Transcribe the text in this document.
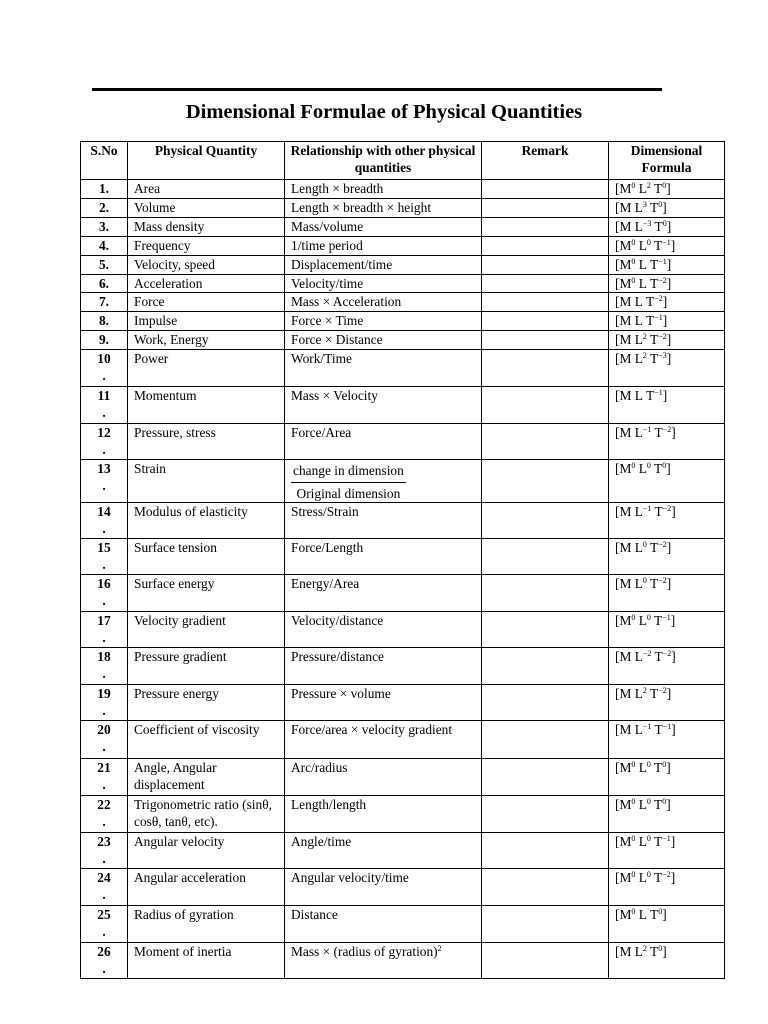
Dimensional Formulae of Physical Quantities
S.No	Physical Quantity	Relationship with other physical quantities	Remark	Dimensional Formula

1.	Area	Length × breadth		[$M^0$ $L^2$ $T^0$]

2.	Volume	Length × breadth × height		[M $L^3$ $T^0$]

3.	Mass density	Mass/volume		[M $L^{-3}$ $T^0$]

4.	Frequency	1/time period		[$M^0$ $L^0$ $T^{-1}$]

5.	Velocity, speed	Displacement/time		[$M^0$ L $T^{-1}$]

6.	Acceleration	Velocity/time		[$M^0$ L $T^{-2}$]

7.	Force	Mass × Acceleration		[M L $T^{-2}$]

8.	Impulse	Force × Time		[M L $T^{-1}$]

9.	Work, Energy	Force × Distance		[M $L^2$ $T^{-2}$]

10
.	Power	Work/Time		[M $L^2$ $T^{-3}$]

11
.	Momentum	Mass × Velocity		[M L $T^{-1}$]

12
.	Pressure, stress	Force/Area		[M $L^{-1}$ $T^{-2}$]

13
.	Strain	$\frac{\text{change in dimension}}{\text{Original dimension}}$		[$M^0$ $L^0$ $T^0$]

14
.	Modulus of elasticity	Stress/Strain		[M $L^{-1}$ $T^{-2}$]

15
.	Surface tension	Force/Length		[M $L^0$ $T^{-2}$]

16
.	Surface energy	Energy/Area		[M $L^0$ $T^{-2}$]

17
.	Velocity gradient	Velocity/distance		[$M^0$ $L^0$ $T^{-1}$]

18
.	Pressure gradient	Pressure/distance		[M $L^{-2}$ $T^{-2}$]

19
.	Pressure energy	Pressure × volume		[M $L^2$ $T^{-2}$]

20
.	Coefficient of viscosity	Force/area × velocity gradient		[M $L^{-1}$ $T^{-1}$]

21
.	Angle, Angular displacement	Arc/radius		[$M^0$ $L^0$ $T^0$]

22
.	Trigonometric ratio (sinθ, cosθ, tanθ, etc).	Length/length		[$M^0$ $L^0$ $T^0$]

23
.	Angular velocity	Angle/time		[$M^0$ $L^0$ $T^{-1}$]

24
.	Angular acceleration	Angular velocity/time		[$M^0$ $L^0$ $T^{-2}$]

25
.	Radius of gyration	Distance		[$M^0$ L $T^0$]

26
.	Moment of inertia	Mass × (radius of gyration)$^2$		[M $L^2$ $T^0$]
